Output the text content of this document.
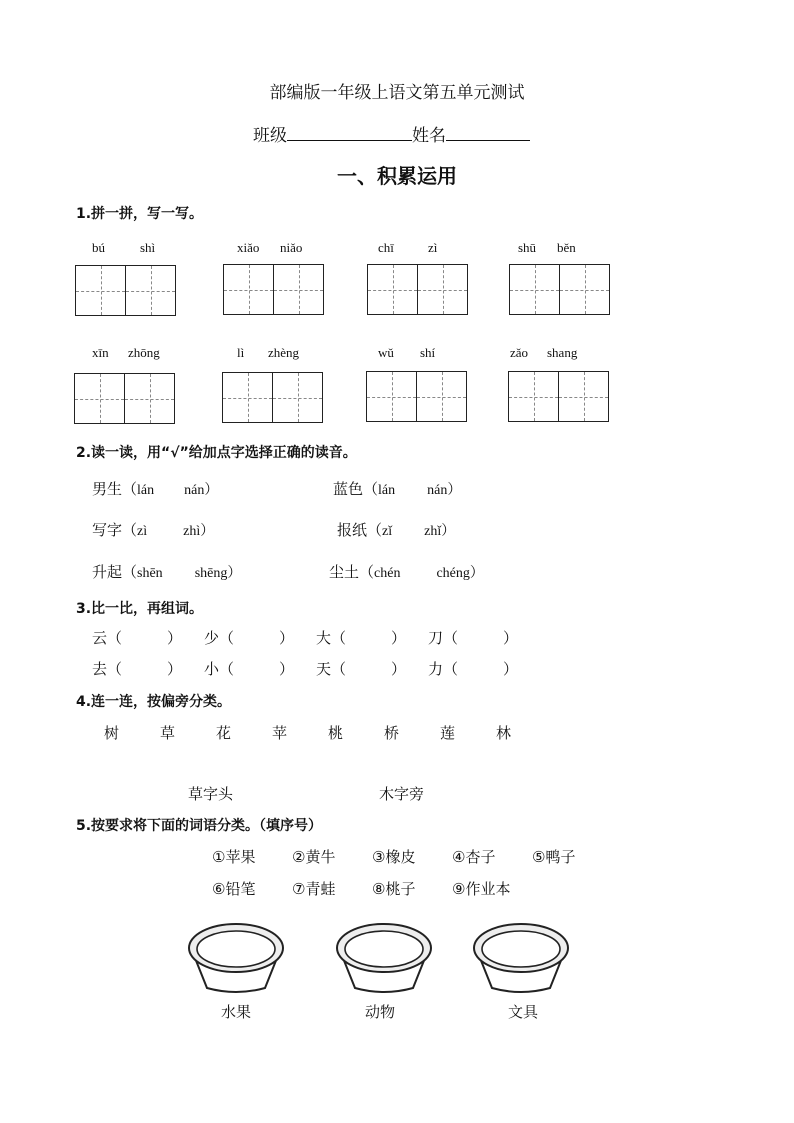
部编版一年级上语文第五单元测试
班级	姓名
一、积累运用
1.拼一拼，写一写。
bú	shì	xiǎo niǎo	chī	zì	shū běn
xīn zhōng	lì zhèng	wǔ shí	zǎo shang
2.读一读，用“√”给加点字选择正确的读音。
男生（lán nán）	蓝色（lán nán）
写字（zì	zhì）	报纸（zǐ zhǐ）
升起（shēn shēng）	尘土（chén	chéng）
3.比一比，再组词。
云（　　　） 少（　　　） 大（　　　） 刀（　　　）
去（　　　） 小（　　　） 天（　　　） 力（　　　）
4.连一连，按偏旁分类。
树	草	花	苹	桃	桥	莲	林
草字头	木字旁
5.按要求将下面的词语分类。（填序号）
①苹果 ②黄牛 ③橡皮 ④杏子 ⑤鸭子
⑥铅笔 ⑦青蛙 ⑧桃子 ⑨作业本
水果	动物	文具
